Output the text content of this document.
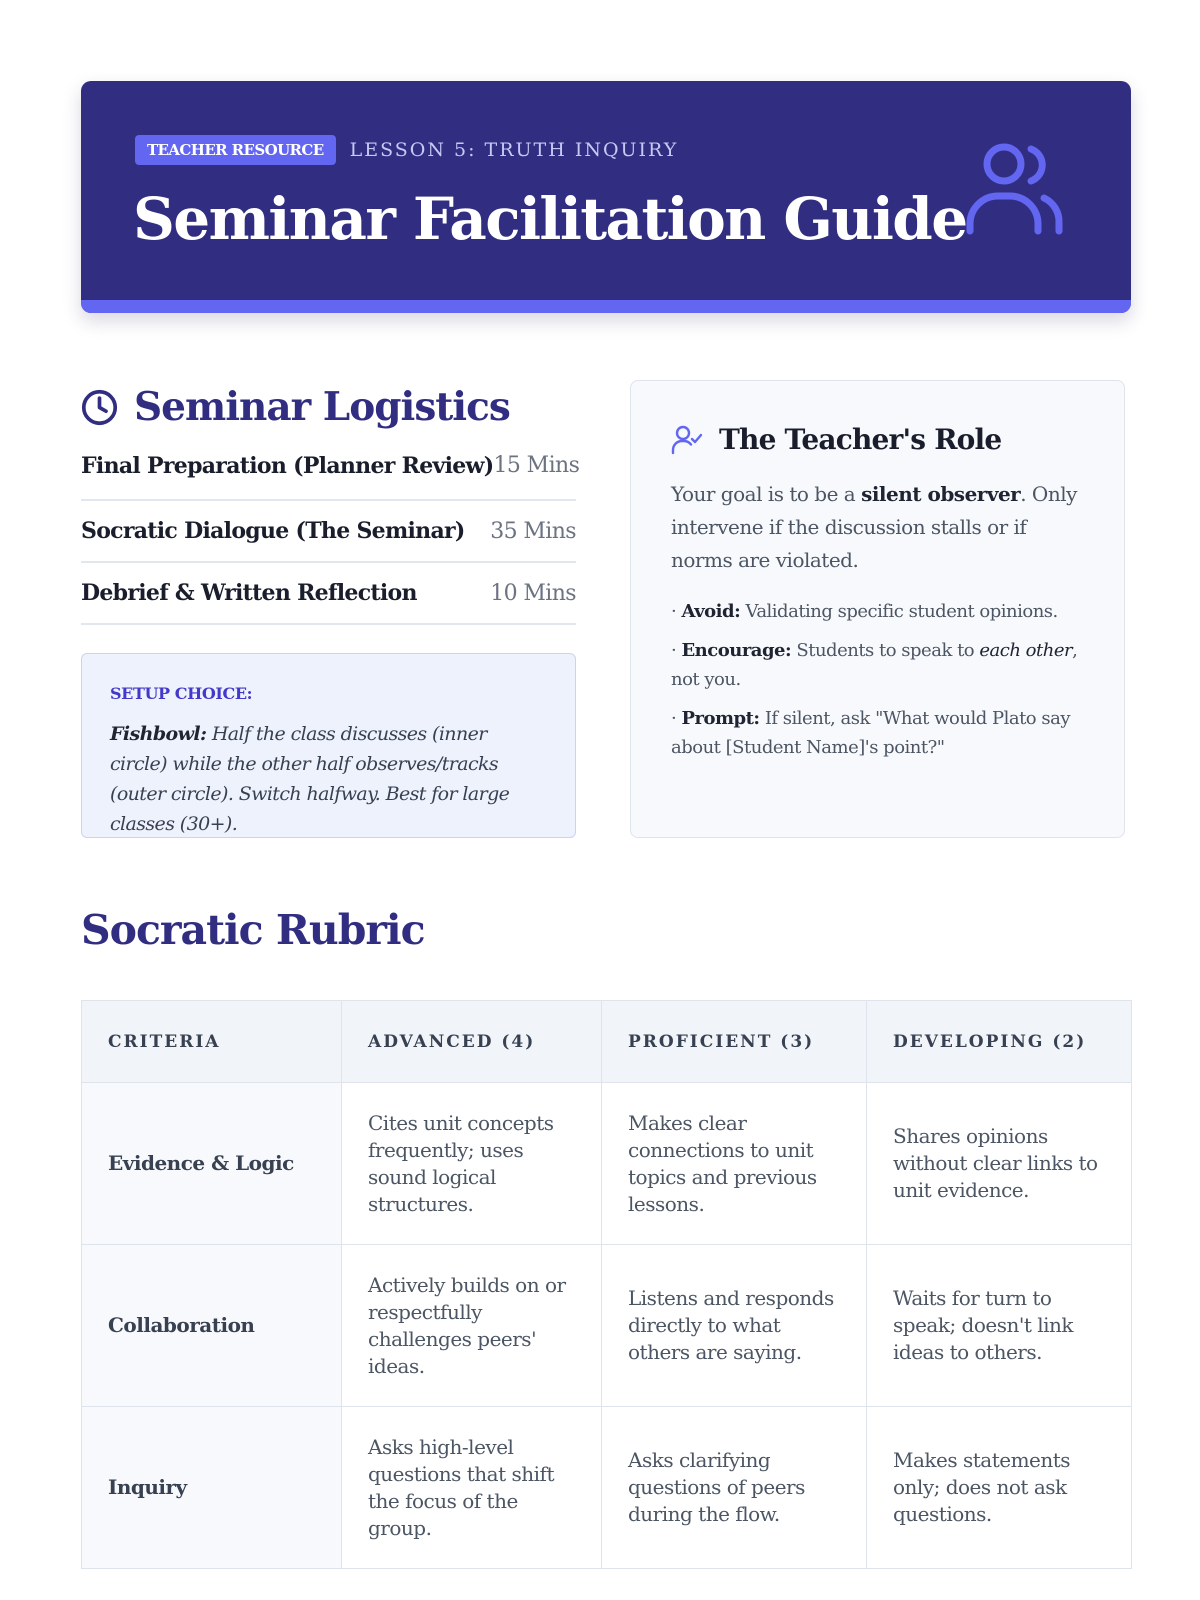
TEACHER RESOURCE	LESSON 5: TRUTH INQUIRY
Seminar Facilitation Guide
Seminar Logistics
Final Preparation (Planner Review) 15 Mins
Socratic Dialogue (The Seminar) 35 Mins
Debrief & Written Reflection	10 Mins
SETUP CHOICE:
Fishbowl: Half the class discusses (inner circle) while the other half observes/tracks (outer circle). Switch halfway. Best for large classes (30+).
The Teacher's Role

Your goal is to be a silent observer. Only intervene if the discussion stalls or if norms are violated.

· Avoid: Validating specific student opinions.
· Encourage: Students to speak to each other, not you.
· Prompt: If silent, ask "What would Plato say about [Student Name]'s point?"
Socratic Rubric
CRITERIA	ADVANCED (4)	PROFICIENT (3)	DEVELOPING (2)
Evidence & Logic	Cites unit concepts frequently; uses sound logical structures.	Makes clear connections to unit topics and previous lessons.	Shares opinions without clear links to unit evidence.
Collaboration	Actively builds on or respectfully challenges peers' ideas.	Listens and responds directly to what others are saying.	Waits for turn to speak; doesn't link ideas to others.
Inquiry	Asks high-level questions that shift the focus of the group.	Asks clarifying questions of peers during the flow.	Makes statements only; does not ask questions.
